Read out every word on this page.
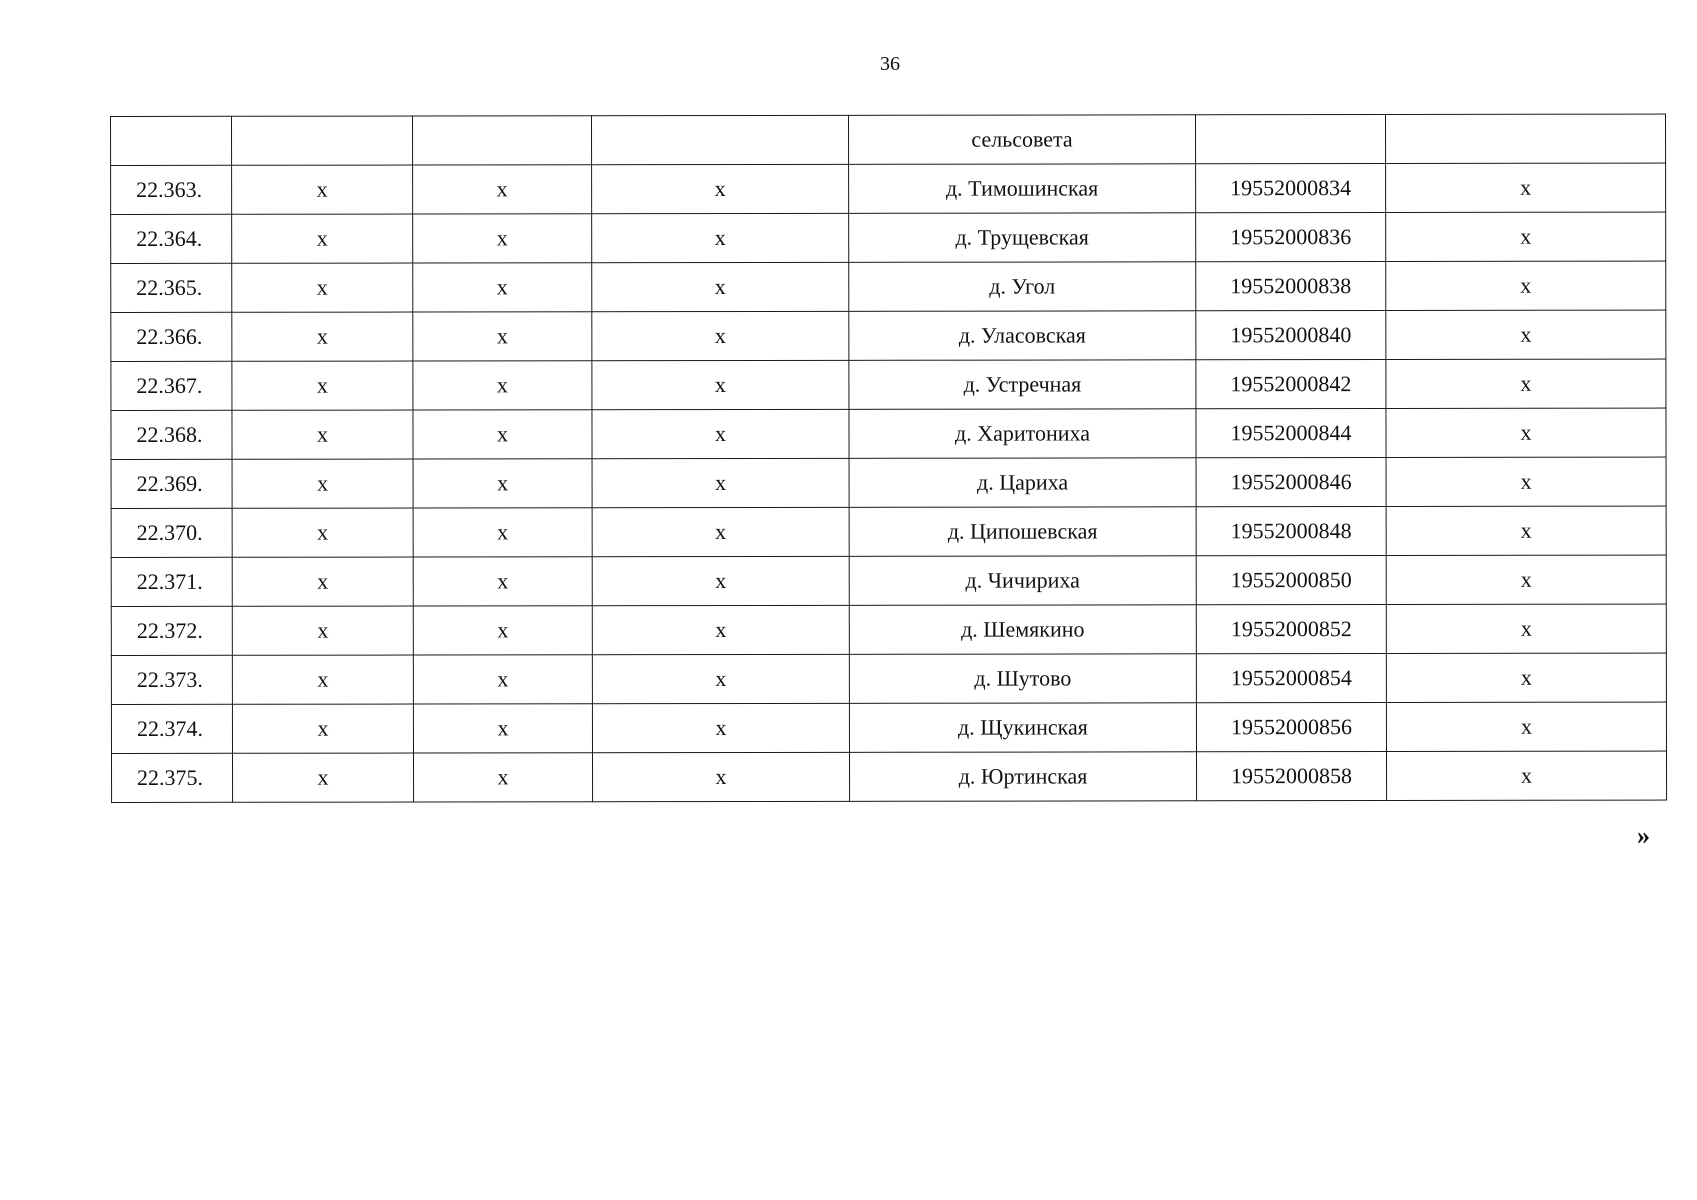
36
				сельсовета		
22.363.	х	х	х	д. Тимошинская	19552000834	х
22.364.	х	х	х	д. Трущевская	19552000836	х
22.365.	х	х	х	д. Угол	19552000838	х
22.366.	х	х	х	д. Уласовская	19552000840	х
22.367.	х	х	х	д. Устречная	19552000842	х
22.368.	х	х	х	д. Харитониха	19552000844	х
22.369.	х	х	х	д. Цариха	19552000846	х
22.370.	х	х	х	д. Ципошевская	19552000848	х
22.371.	х	х	х	д. Чичириха	19552000850	х
22.372.	х	х	х	д. Шемякино	19552000852	х
22.373.	х	х	х	д. Шутово	19552000854	х
22.374.	х	х	х	д. Щукинская	19552000856	х
22.375.	х	х	х	д. Юртинская	19552000858	х
»
